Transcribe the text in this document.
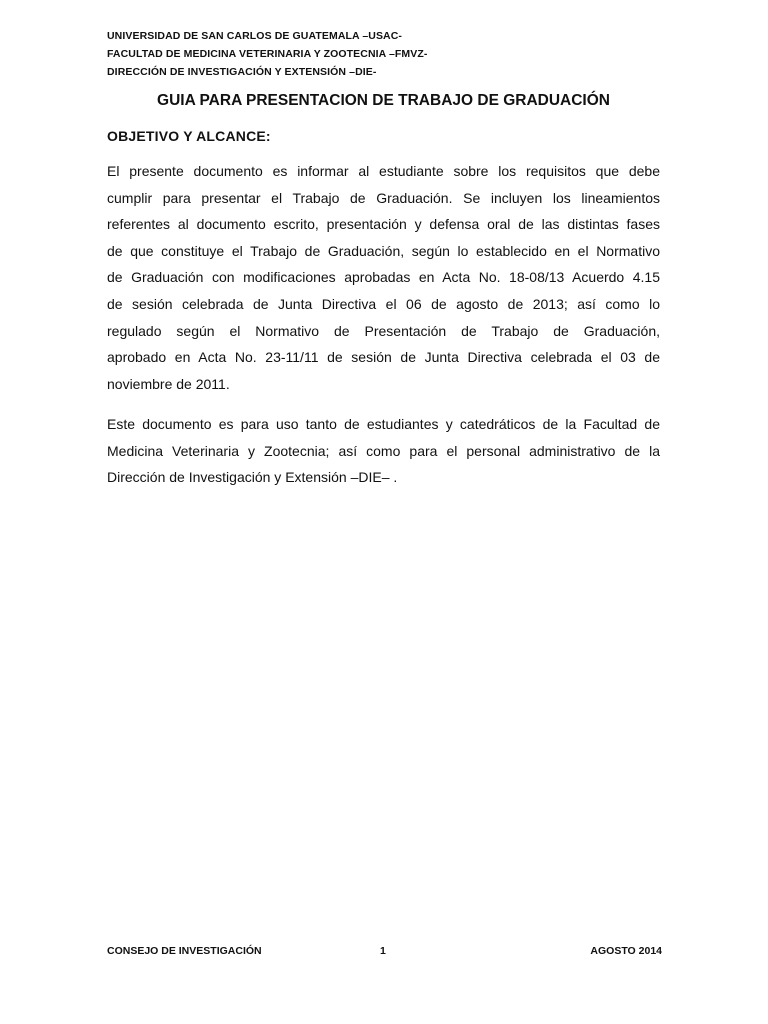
UNIVERSIDAD DE SAN CARLOS DE GUATEMALA –USAC-
FACULTAD DE MEDICINA VETERINARIA Y ZOOTECNIA –FMVZ-
DIRECCIÓN DE INVESTIGACIÓN Y EXTENSIÓN –DIE-
GUIA PARA PRESENTACION DE TRABAJO DE GRADUACIÓN
OBJETIVO Y ALCANCE:
El presente documento es informar al estudiante sobre los requisitos que debe
cumplir para presentar el Trabajo de Graduación. Se incluyen los lineamientos
referentes al documento escrito, presentación y defensa oral de las distintas fases
de que constituye el Trabajo de Graduación, según lo establecido en el Normativo
de Graduación con modificaciones aprobadas en Acta No. 18-08/13 Acuerdo 4.15
de sesión celebrada de Junta Directiva el 06 de agosto de 2013; así como lo
regulado según el Normativo de Presentación de Trabajo de Graduación,
aprobado en Acta No. 23-11/11 de sesión de Junta Directiva celebrada el 03 de
noviembre de 2011.
Este documento es para uso tanto de estudiantes y catedráticos de la Facultad de
Medicina Veterinaria y Zootecnia; así como para el personal administrativo de la
Dirección de Investigación y Extensión –DIE– .
CONSEJO DE INVESTIGACIÓN	1	AGOSTO 2014
